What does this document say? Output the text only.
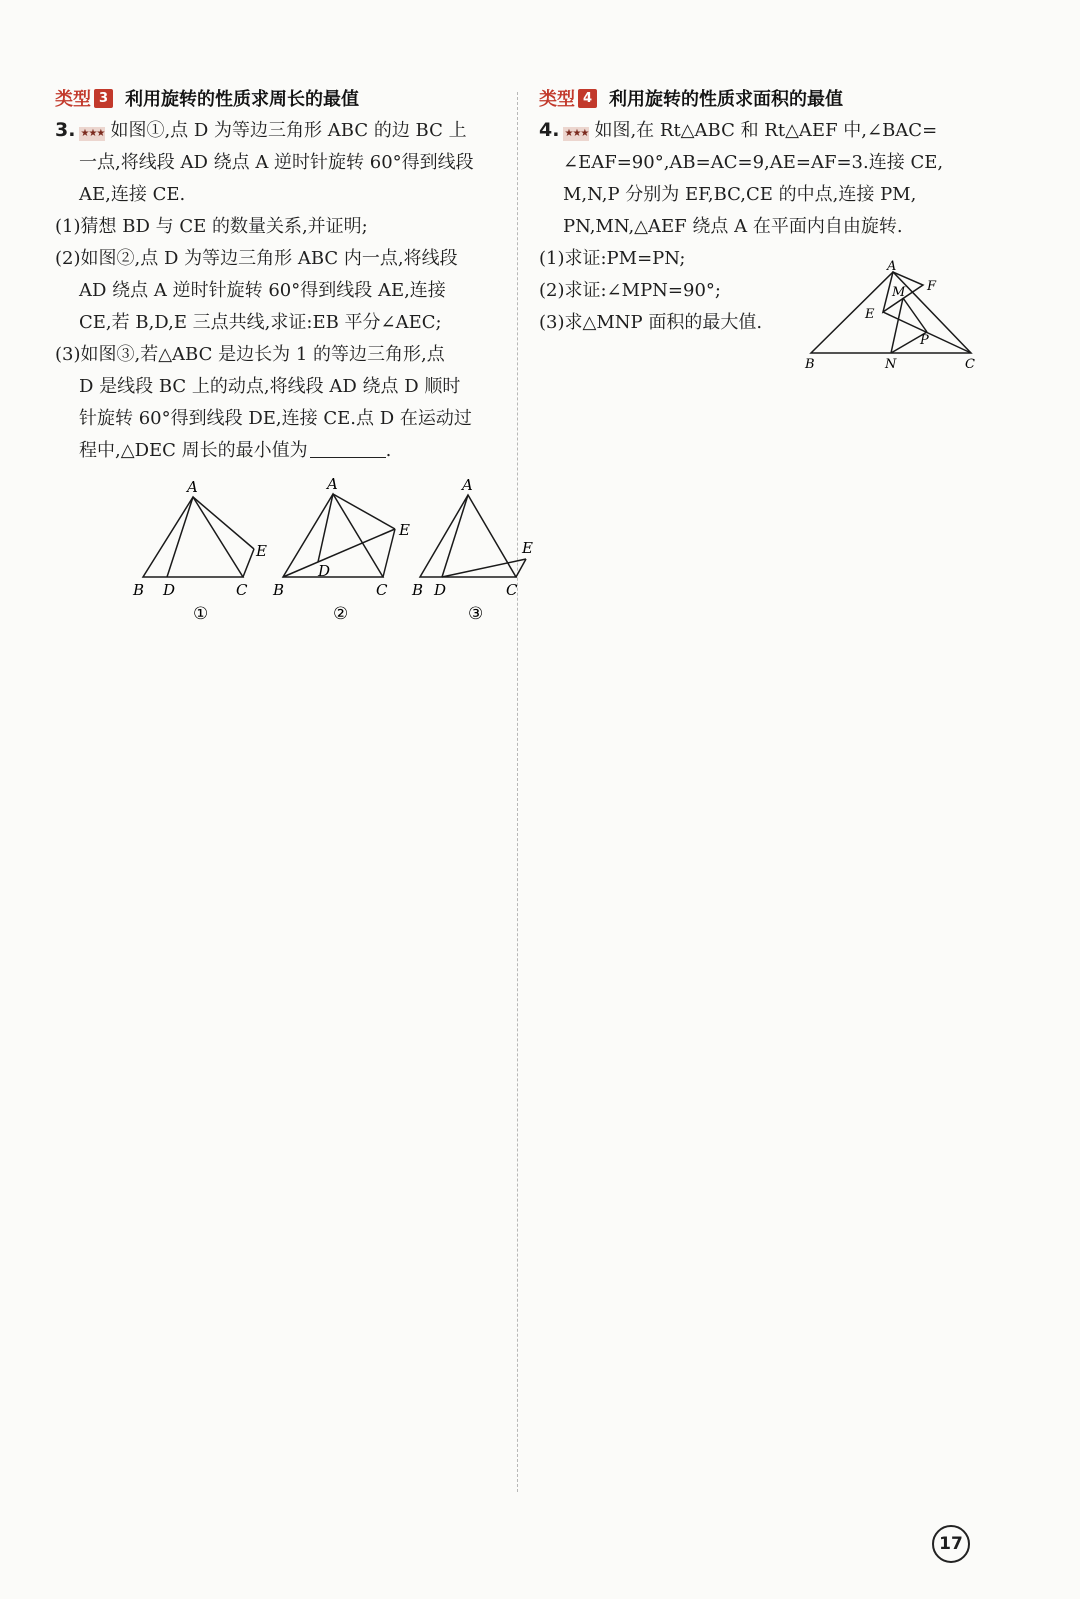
类型 3 利用旋转的性质求周长的最值
3. ★★★ 如图①,点 D 为等边三角形 ABC 的边 BC 上
一点,将线段 AD 绕点 A 逆时针旋转 60°得到线段
AE,连接 CE.
(1)猜想 BD 与 CE 的数量关系,并证明;
(2)如图②,点 D 为等边三角形 ABC 内一点,将线段
AD 绕点 A 逆时针旋转 60°得到线段 AE,连接
CE,若 B,D,E 三点共线,求证:EB 平分∠AEC;
(3)如图③,若△ABC 是边长为 1 的等边三角形,点
D 是线段 BC 上的动点,将线段 AD 绕点 D 顺时
针旋转 60°得到线段 DE,连接 CE.点 D 在运动过
程中,△DEC 周长的最小值为	.
A
B D	C
E
①
A
B
D
C
E
②
A
B D	C
E
③
类型 4 利用旋转的性质求面积的最值
4. ★★★ 如图,在 Rt△ABC 和 Rt△AEF 中,∠BAC=
∠EAF=90°,AB=AC=9,AE=AF=3.连接 CE,
M,N,P 分别为 EF,BC,CE 的中点,连接 PM,
PN,MN,△AEF 绕点 A 在平面内自由旋转.
(1)求证:PM=PN;
(2)求证:∠MPN=90°;
(3)求△MNP 面积的最大值.
A
B	C
E
F
M
N
P
17
